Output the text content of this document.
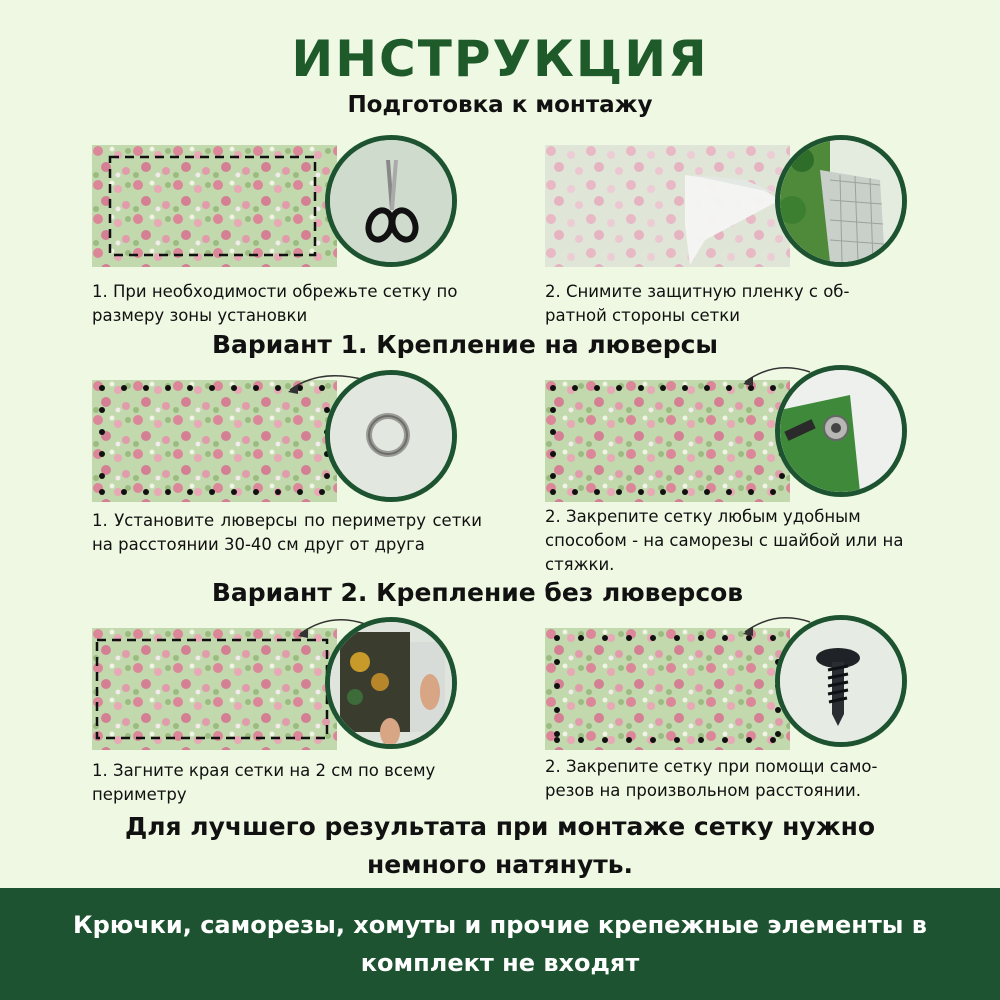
ИНСТРУКЦИЯ
Подготовка к монтажу
1. При необходимости обрежьте сетку по размеру зоны установки
2. Снимите защитную пленку с об-ратной стороны сетки
Вариант 1. Крепление на люверсы
1. Установите люверсы по периметру сетки на расстоянии 30-40 см друг от друга
2. Закрепите сетку любым удобным способом - на саморезы с шайбой или на стяжки.
Вариант 2. Крепление без люверсов
1. Загните края сетки на 2 см по всему периметру
2. Закрепите сетку при помощи само-резов на произвольном расстоянии.
Для лучшего результата при монтаже сетку нужно
немного натянуть.
Крючки, саморезы, хомуты и прочие крепежные элементы в
комплект не входят
